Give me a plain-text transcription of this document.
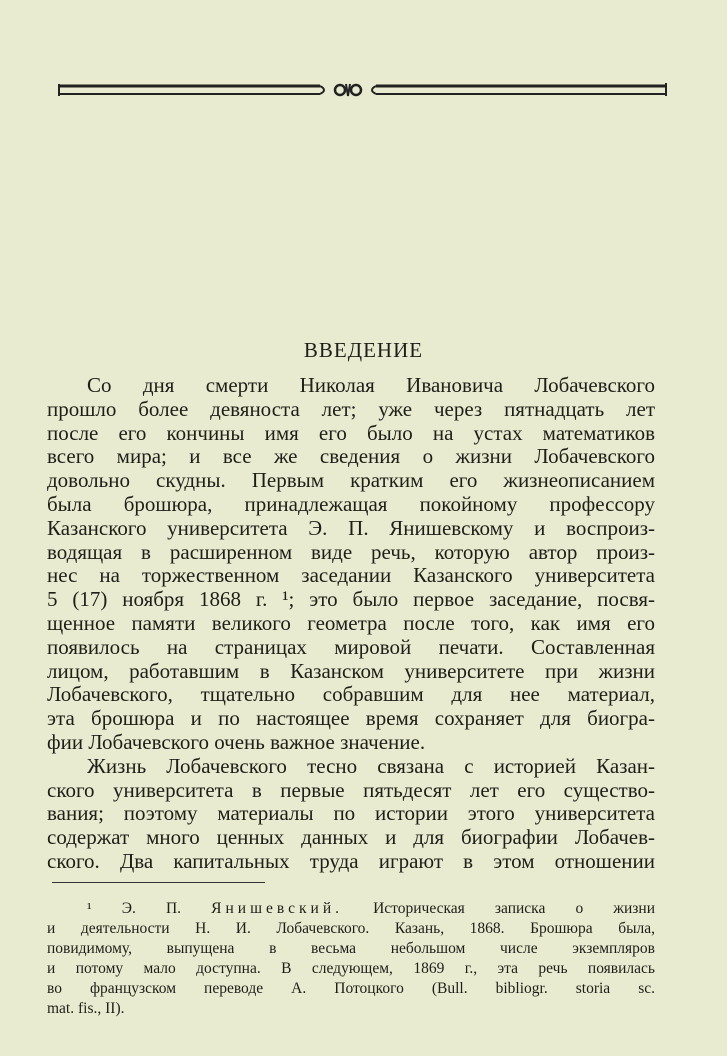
ВВЕДЕНИЕ
Со дня смерти Николая Ивановича Лобачевского
прошло более девяноста лет; уже через пятнадцать лет
после его кончины имя его было на устах математиков
всего мира; и все же сведения о жизни Лобачевского
довольно скудны. Первым кратким его жизнеописанием
была брошюра, принадлежащая покойному профессору
Казанского университета Э. П. Янишевскому и воспроиз-
водящая в расширенном виде речь, которую автор произ-
нес на торжественном заседании Казанского университета
5 (17) ноября 1868 г. ¹; это было первое заседание, посвя-
щенное памяти великого геометра после того, как имя его
появилось на страницах мировой печати. Составленная
лицом, работавшим в Казанском университете при жизни
Лобачевского, тщательно собравшим для нее материал,
эта брошюра и по настоящее время сохраняет для биогра-
фии Лобачевского очень важное значение.
Жизнь Лобачевского тесно связана с историей Казан-
ского университета в первые пятьдесят лет его существо-
вания; поэтому материалы по истории этого университета
содержат много ценных данных и для биографии Лобачев-
ского. Два капитальных труда играют в этом отношении
¹ Э. П. Янишевский. Историческая записка о жизни
и деятельности Н. И. Лобачевского. Казань, 1868. Брошюра была,
повидимому, выпущена в весьма небольшом числе экземпляров
и потому мало доступна. В следующем, 1869 г., эта речь появилась
во французском переводе А. Потоцкого (Bull. bibliogr. storia sc.
mat. fis., II).
